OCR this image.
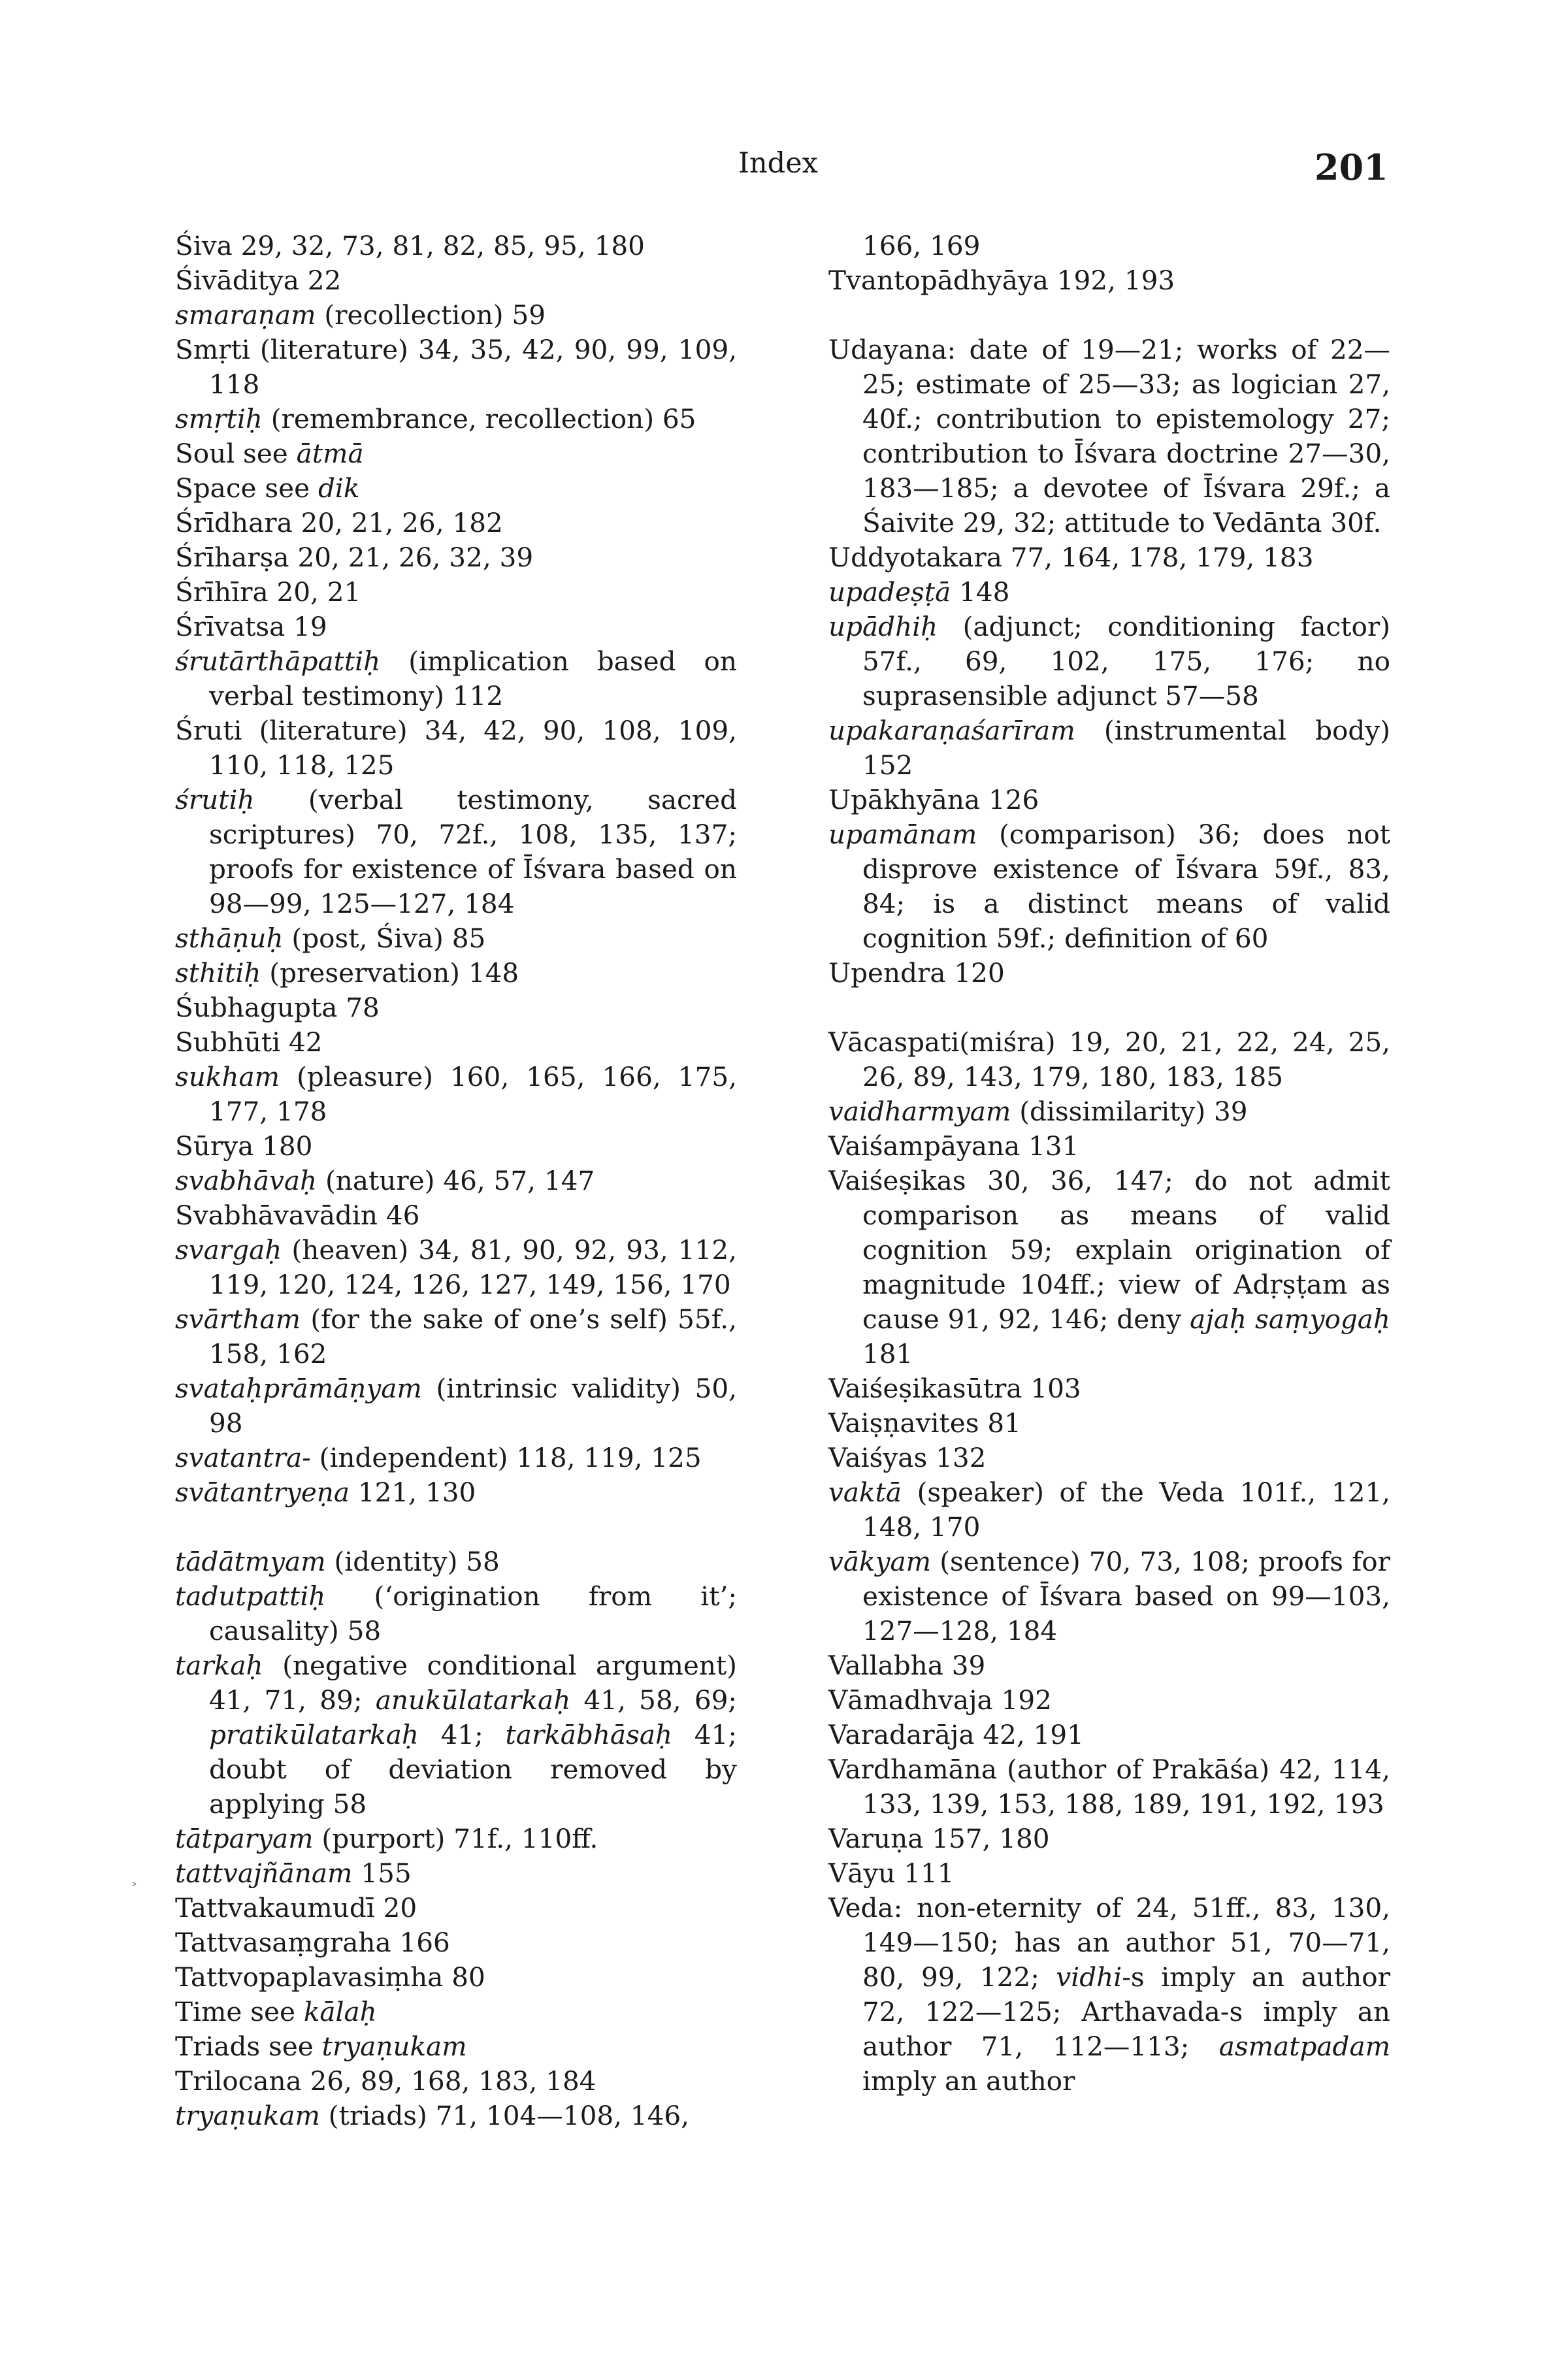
Index	201

Śiva 29, 32, 73, 81, 82, 85, 95, 180

Śivāditya 22

smaraṇam (recollection) 59

Smṛti (literature) 34, 35, 42, 90, 99, 109, 118

smṛtiḥ (remembrance, recollection) 65

Soul see ātmā

Space see dik

Śrīdhara 20, 21, 26, 182

Śrīharṣa 20, 21, 26, 32, 39

Śrīhīra 20, 21

Śrīvatsa 19

śrutārthāpattiḥ (implication based on verbal testimony) 112

Śruti (literature) 34, 42, 90, 108, 109, 110, 118, 125

śrutiḥ (verbal testimony, sacred scriptures) 70, 72f., 108, 135, 137; proofs for existence of Īśvara based on 98—99, 125—127, 184

sthāṇuḥ (post, Śiva) 85

sthitiḥ (preservation) 148

Śubhagupta 78

Subhūti 42

sukham (pleasure) 160, 165, 166, 175, 177, 178

Sūrya 180

svabhāvaḥ (nature) 46, 57, 147

Svabhāvavādin 46

svargaḥ (heaven) 34, 81, 90, 92, 93, 112, 119, 120, 124, 126, 127, 149, 156, 170

svārtham (for the sake of one’s self) 55f., 158, 162

svataḥprāmāṇyam (intrinsic validity) 50, 98

svatantra- (independent) 118, 119, 125

svātantryeṇa 121, 130

tādātmyam (identity) 58

tadutpattiḥ (‘origination from it’; causality) 58

tarkaḥ (negative conditional argument) 41, 71, 89; anukūlatarkaḥ 41, 58, 69; pratikūlatarkaḥ 41; tarkābhāsaḥ 41; doubt of deviation removed by applying 58

tātparyam (purport) 71f., 110ff.

tattvajñānam 155

Tattvakaumudī 20

Tattvasaṃgraha 166

Tattvopaplavasiṃha 80

Time see kālaḥ

Triads see tryaṇukam

Trilocana 26, 89, 168, 183, 184

tryaṇukam (triads) 71, 104—108, 146,

166, 169

Tvantopādhyāya 192, 193

Udayana: date of 19—21; works of 22—25; estimate of 25—33; as logician 27, 40f.; contribution to epistemology 27; contribution to Īśvara doctrine 27—30, 183—185; a devotee of Īśvara 29f.; a Śaivite 29, 32; attitude to Vedānta 30f.

Uddyotakara 77, 164, 178, 179, 183

upadeṣṭā 148

upādhiḥ (adjunct; conditioning factor) 57f., 69, 102, 175, 176; no suprasensible adjunct 57—58

upakaraṇaśarīram (instrumental body) 152

Upākhyāna 126

upamānam (comparison) 36; does not disprove existence of Īśvara 59f., 83, 84; is a distinct means of valid cognition 59f.; definition of 60

Upendra 120

Vācaspati(miśra) 19, 20, 21, 22, 24, 25, 26, 89, 143, 179, 180, 183, 185

vaidharmyam (dissimilarity) 39

Vaiśampāyana 131

Vaiśeṣikas 30, 36, 147; do not admit comparison as means of valid cognition 59; explain origination of magnitude 104ff.; view of Adṛṣṭam as cause 91, 92, 146; deny ajaḥ saṃyogaḥ 181

Vaiśeṣikasūtra 103

Vaiṣṇavites 81

Vaiśyas 132

vaktā (speaker) of the Veda 101f., 121, 148, 170

vākyam (sentence) 70, 73, 108; proofs for existence of Īśvara based on 99—103, 127—128, 184

Vallabha 39

Vāmadhvaja 192

Varadarāja 42, 191

Vardhamāna (author of Prakāśa) 42, 114, 133, 139, 153, 188, 189, 191, 192, 193

Varuṇa 157, 180

Vāyu 111

Veda: non-eternity of 24, 51ff., 83, 130, 149—150; has an author 51, 70—71, 80, 99, 122; vidhi-s imply an author 72, 122—125; Arthavada-s imply an author 71, 112—113; asmatpadam imply an author

˃
